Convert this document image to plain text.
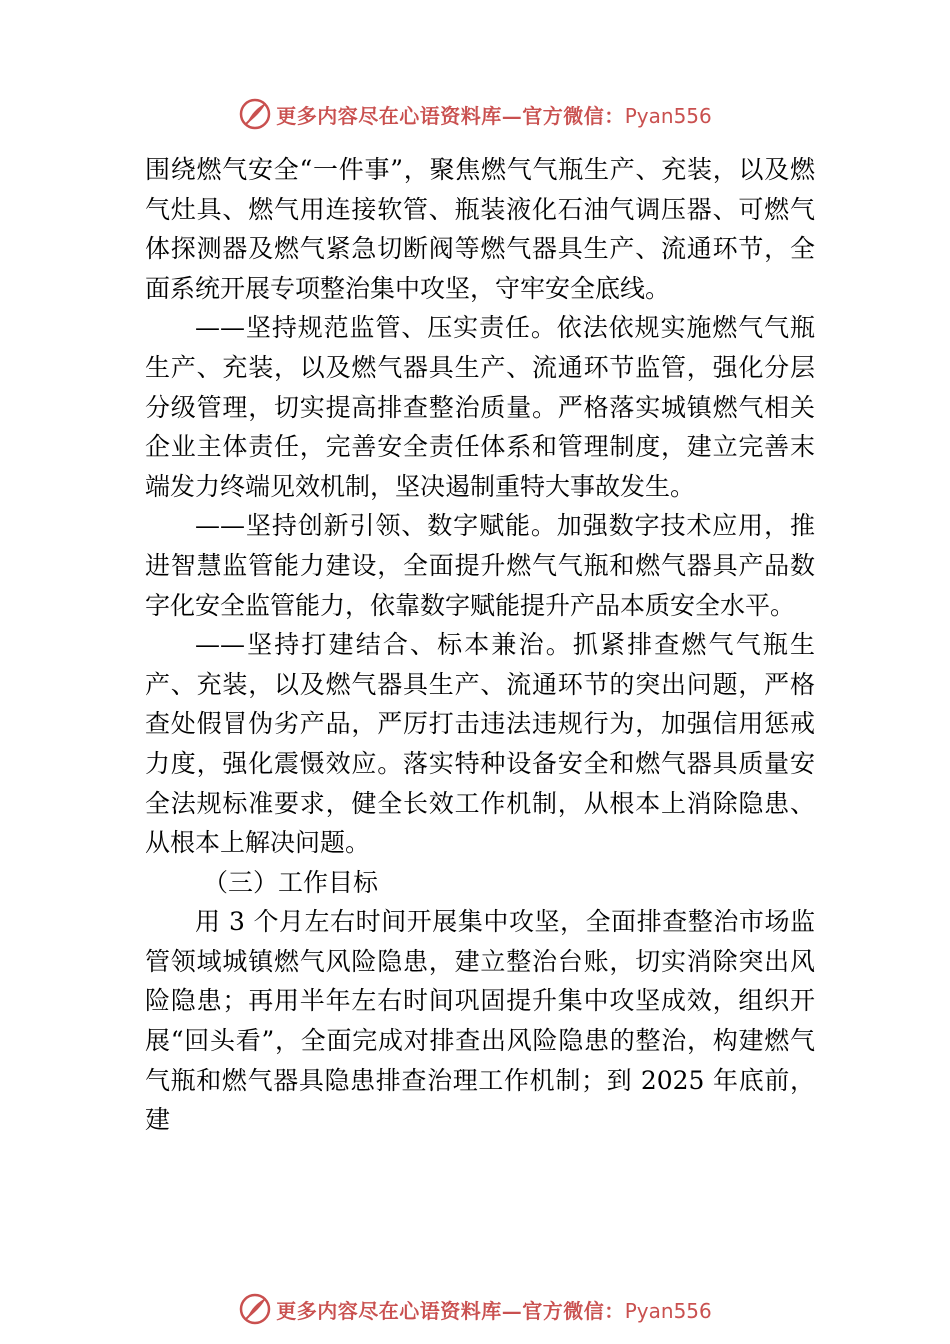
更多内容尽在心语资料库—官方微信：Pyan556

围绕燃气安全“一件事”，聚焦燃气气瓶生产、充装，以及燃气灶具、燃气用连接软管、瓶装液化石油气调压器、可燃气体探测器及燃气紧急切断阀等燃气器具生产、流通环节，全面系统开展专项整治集中攻坚，守牢安全底线。

——坚持规范监管、压实责任。依法依规实施燃气气瓶生产、充装，以及燃气器具生产、流通环节监管，强化分层分级管理，切实提高排查整治质量。严格落实城镇燃气相关企业主体责任，完善安全责任体系和管理制度，建立完善末端发力终端见效机制，坚决遏制重特大事故发生。

——坚持创新引领、数字赋能。加强数字技术应用，推进智慧监管能力建设，全面提升燃气气瓶和燃气器具产品数字化安全监管能力，依靠数字赋能提升产品本质安全水平。

——坚持打建结合、标本兼治。抓紧排查燃气气瓶生产、充装，以及燃气器具生产、流通环节的突出问题，严格查处假冒伪劣产品，严厉打击违法违规行为，加强信用惩戒力度，强化震慑效应。落实特种设备安全和燃气器具质量安全法规标准要求，健全长效工作机制，从根本上消除隐患、从根本上解决问题。

（三）工作目标

用 3 个月左右时间开展集中攻坚，全面排查整治市场监管领域城镇燃气风险隐患，建立整治台账，切实消除突出风险隐患；再用半年左右时间巩固提升集中攻坚成效，组织开展“回头看”，全面完成对排查出风险隐患的整治，构建燃气气瓶和燃气器具隐患排查治理工作机制；到 2025 年底前，建

更多内容尽在心语资料库—官方微信：Pyan556
